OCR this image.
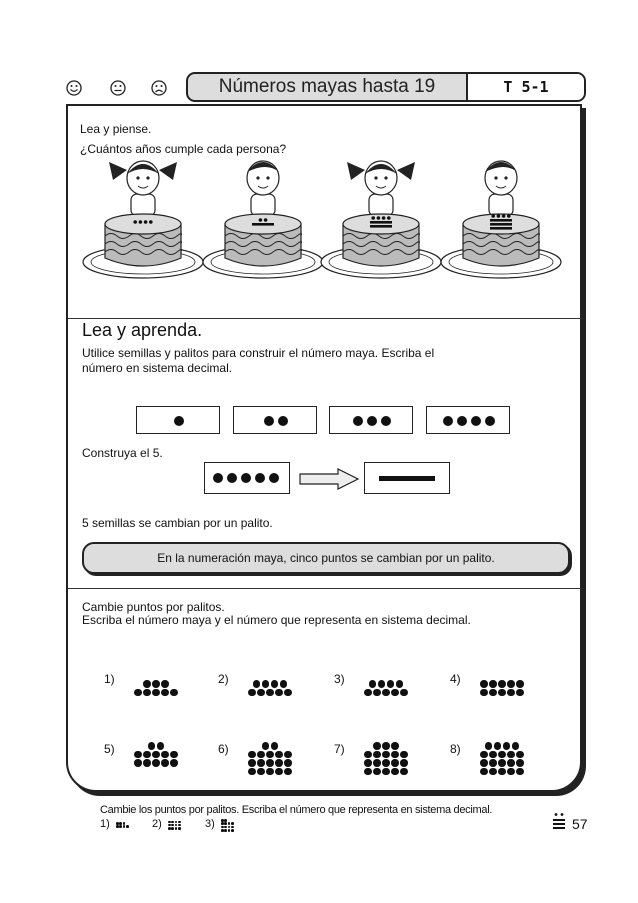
Números mayas hasta 19	T 5-1
Lea y piense.
¿Cuántos años cumple cada persona?
Lea y aprenda.
Utilice semillas y palitos para construir el número maya. Escriba el
número en sistema decimal.
Construya el 5.
5 semillas se cambian por un palito.
En la numeración maya, cinco puntos se cambian por un palito.
Cambie puntos por palitos.
Escriba el número maya y el número que representa en sistema decimal.
1)	2)	3)	4)
5)	6)	7)	8)
Cambie los puntos por palitos. Escriba el número que representa en sistema decimal.
1)	2)	3)	57
